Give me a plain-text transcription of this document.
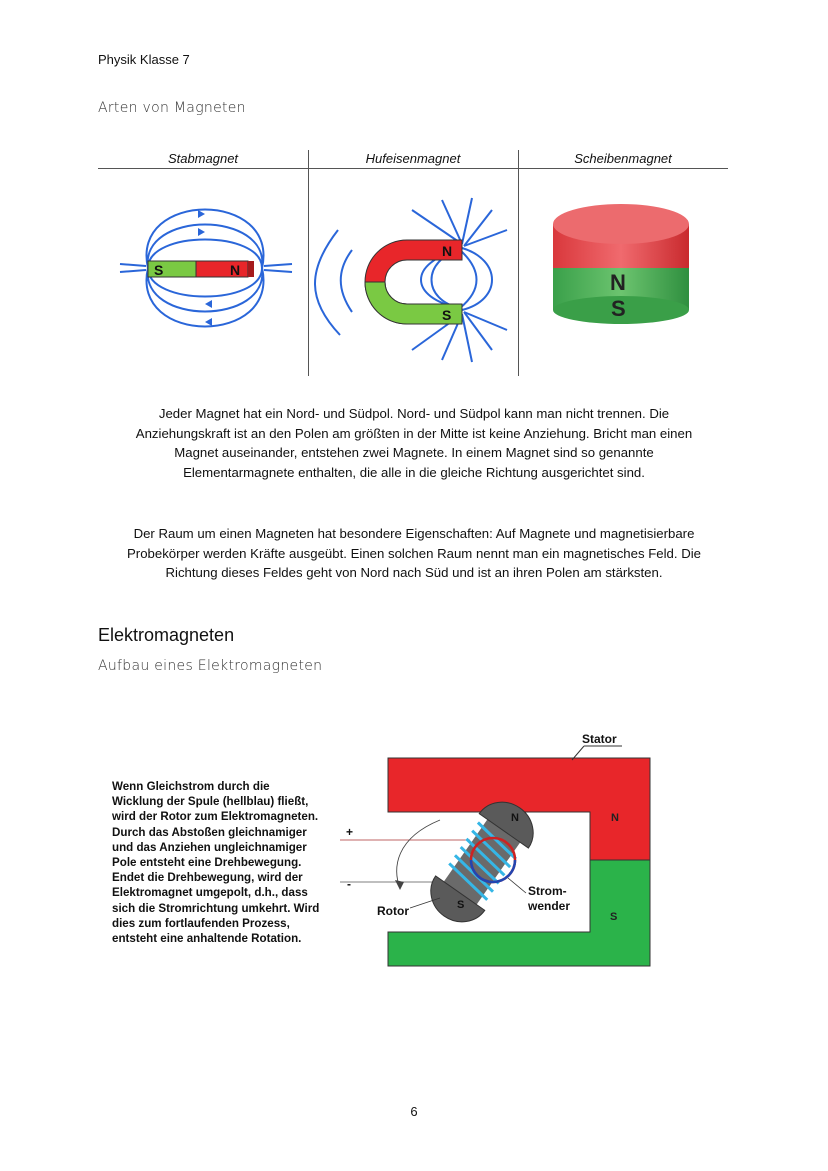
Physik Klasse 7
Arten von Magneten
Stabmagnet	Hufeisenmagnet	Scheibenmagnet
S	N
N
S
N
S
Jeder Magnet hat ein Nord- und Südpol. Nord- und Südpol kann man nicht trennen. Die
Anziehungskraft ist an den Polen am größten in der Mitte ist keine Anziehung. Bricht man einen
Magnet auseinander, entstehen zwei Magnete. In einem Magnet sind so genannte
Elementarmagnete enthalten, die alle in die gleiche Richtung ausgerichtet sind.
Der Raum um einen Magneten hat besondere Eigenschaften: Auf Magnete und magnetisierbare
Probekörper werden Kräfte ausgeübt. Einen solchen Raum nennt man ein magnetisches Feld. Die
Richtung dieses Feldes geht von Nord nach Süd und ist an ihren Polen am stärksten.
Elektromagneten
Aufbau eines Elektromagneten
Wenn Gleichstrom durch die
Wicklung der Spule (hellblau) fließt,
wird der Rotor zum Elektromagneten.
Durch das Abstoßen gleichnamiger
und das Anziehen ungleichnamiger
Pole entsteht eine Drehbewegung.
Endet die Drehbewegung, wird der
Elektromagnet umgepolt, d.h., dass
sich die Stromrichtung umkehrt. Wird
dies zum fortlaufenden Prozess,
entsteht eine anhaltende Rotation.
Stator
N
S
+
-
N
S
Rotor
Strom-
wender
6
